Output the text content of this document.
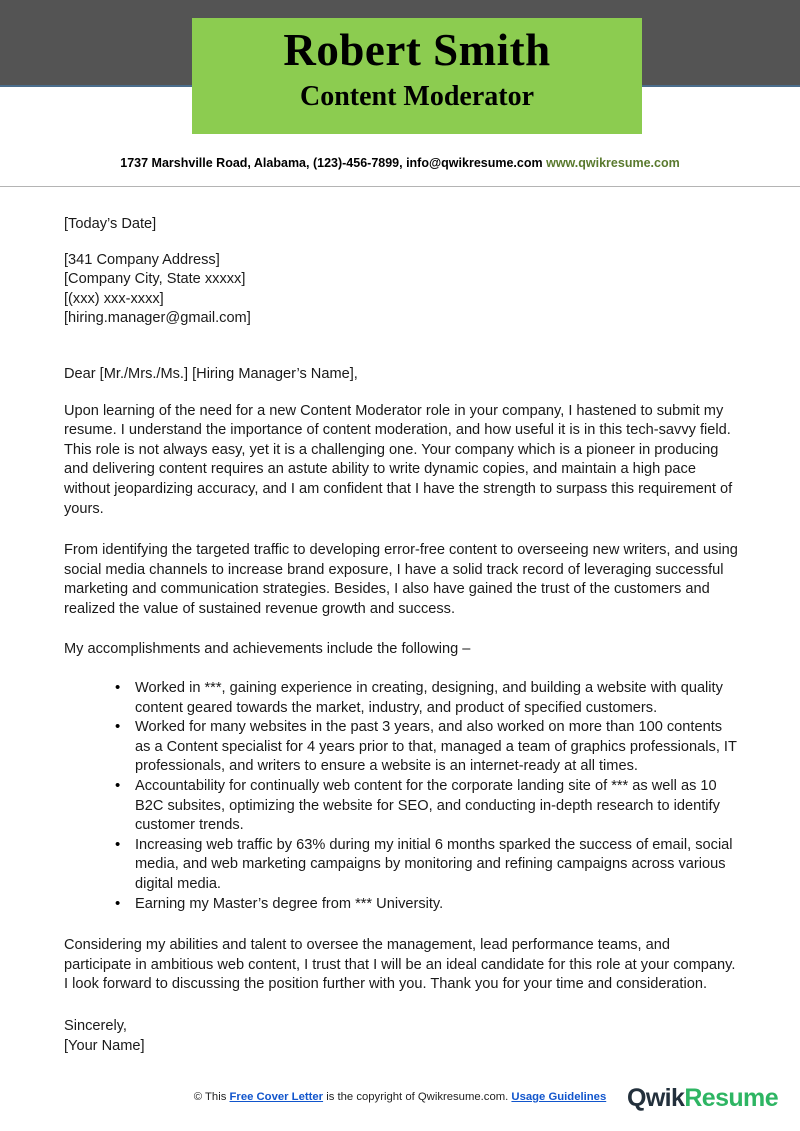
Robert Smith
Content Moderator
1737 Marshville Road, Alabama, (123)-456-7899, info@qwikresume.com www.qwikresume.com

[Today’s Date]

[341 Company Address]
[Company City, State xxxxx]
[(xxx) xxx-xxxx]
[hiring.manager@gmail.com]

Dear [Mr./Mrs./Ms.] [Hiring Manager’s Name],

Upon learning of the need for a new Content Moderator role in your company, I hastened to submit my resume. I understand the importance of content moderation, and how useful it is in this tech-savvy field. This role is not always easy, yet it is a challenging one. Your company which is a pioneer in producing and delivering content requires an astute ability to write dynamic copies, and maintain a high pace without jeopardizing accuracy, and I am confident that I have the strength to surpass this requirement of yours.

From identifying the targeted traffic to developing error-free content to overseeing new writers, and using social media channels to increase brand exposure, I have a solid track record of leveraging successful marketing and communication strategies. Besides, I also have gained the trust of the customers and realized the value of sustained revenue growth and success.

My accomplishments and achievements include the following –

• Worked in ***, gaining experience in creating, designing, and building a website with quality content geared towards the market, industry, and product of specified customers.
• Worked for many websites in the past 3 years, and also worked on more than 100 contents as a Content specialist for 4 years prior to that, managed a team of graphics professionals, IT professionals, and writers to ensure a website is an internet-ready at all times.
• Accountability for continually web content for the corporate landing site of *** as well as 10 B2C subsites, optimizing the website for SEO, and conducting in-depth research to identify customer trends.
• Increasing web traffic by 63% during my initial 6 months sparked the success of email, social media, and web marketing campaigns by monitoring and refining campaigns across various digital media.
• Earning my Master’s degree from *** University.

Considering my abilities and talent to oversee the management, lead performance teams, and participate in ambitious web content, I trust that I will be an ideal candidate for this role at your company. I look forward to discussing the position further with you. Thank you for your time and consideration.

Sincerely,
[Your Name]
© This Free Cover Letter is the copyright of Qwikresume.com. Usage Guidelines QwikResume
